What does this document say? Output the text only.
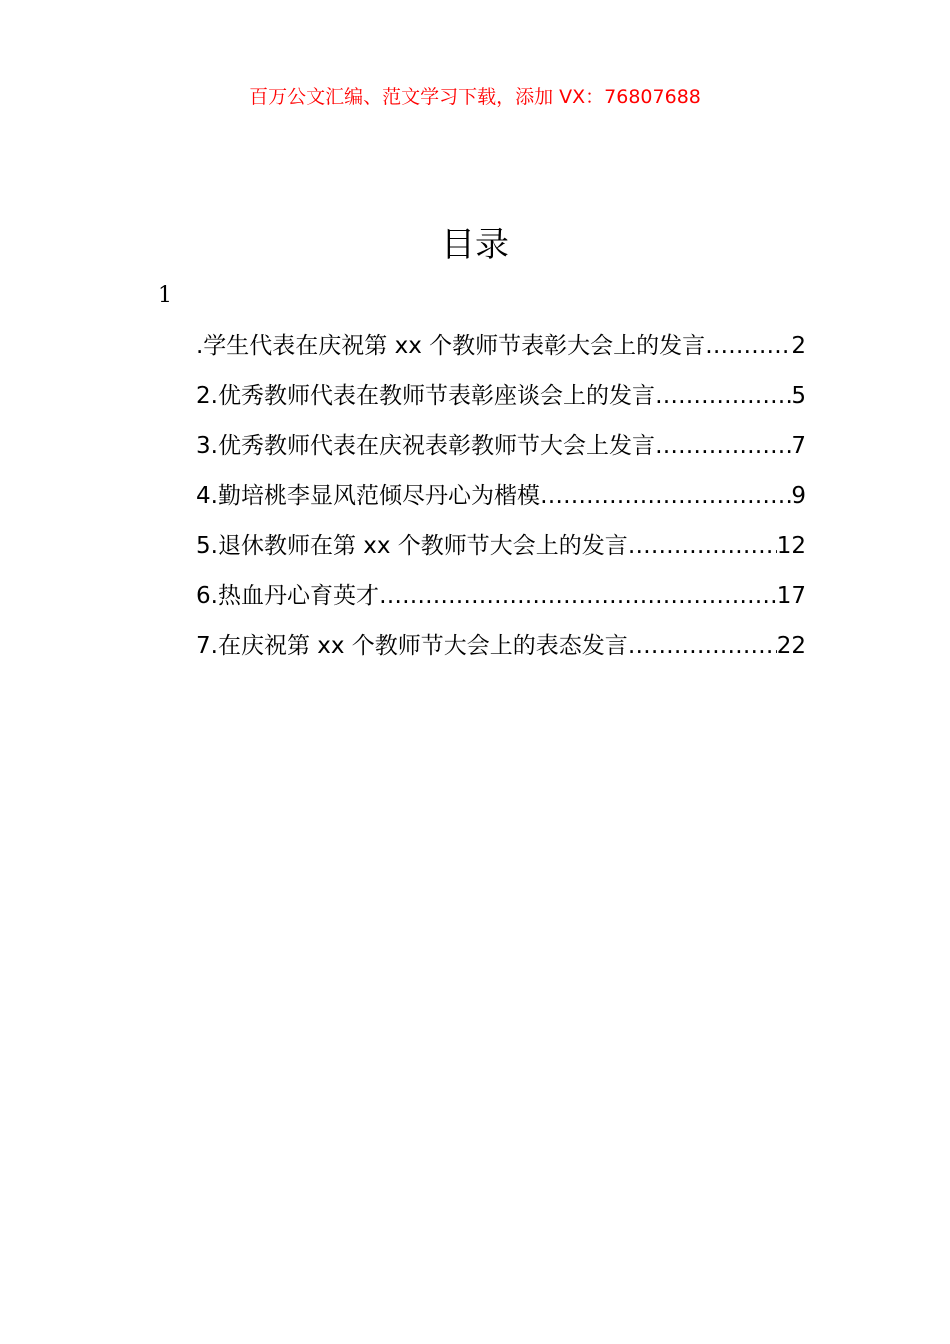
百万公文汇编、范文学习下载，添加 VX：76807688
目录
1
.学生代表在庆祝第 xx 个教师节表彰大会上的发言 ………………………………………………………………………………………………………………………………	2
2.优秀教师代表在教师节表彰座谈会上的发言 ………………………………………………………………………………………………………………………………	5
3.优秀教师代表在庆祝表彰教师节大会上发言 ………………………………………………………………………………………………………………………………	7
4.勤培桃李显风范倾尽丹心为楷模 ………………………………………………………………………………………………………………………………	9
5.退休教师在第 xx 个教师节大会上的发言 ………………………………………………………………………………………………………………………………	12
6.热血丹心育英才 ………………………………………………………………………………………………………………………………	17
7.在庆祝第 xx 个教师节大会上的表态发言 ………………………………………………………………………………………………………………………………	22
